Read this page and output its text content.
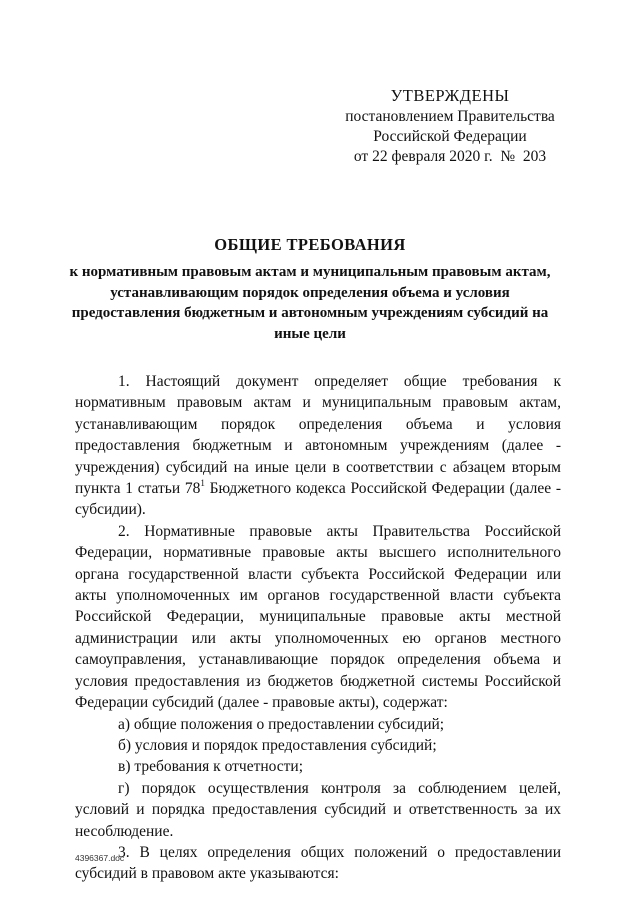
УТВЕРЖДЕНЫ
постановлением Правительства
Российской Федерации
от 22 февраля 2020 г.  №  203
ОБЩИЕ ТРЕБОВАНИЯ
к нормативным правовым актам и муниципальным правовым актам, устанавливающим порядок определения объема и условия предоставления бюджетным и автономным учреждениям субсидий на иные цели

1. Настоящий документ определяет общие требования к нормативным правовым актам и муниципальным правовым актам, устанавливающим порядок определения объема и условия предоставления бюджетным и автономным учреждениям (далее - учреждения) субсидий на иные цели в соответствии с абзацем вторым пункта 1 статьи $78^1$ Бюджетного кодекса Российской Федерации (далее - субсидии).

2. Нормативные правовые акты Правительства Российской Федерации, нормативные правовые акты высшего исполнительного органа государственной власти субъекта Российской Федерации или акты уполномоченных им органов государственной власти субъекта Российской Федерации, муниципальные правовые акты местной администрации или акты уполномоченных ею органов местного самоуправления, устанавливающие порядок определения объема и условия предоставления из бюджетов бюджетной системы Российской Федерации субсидий (далее - правовые акты), содержат:

а) общие положения о предоставлении субсидий;

б) условия и порядок предоставления субсидий;

в) требования к отчетности;

г) порядок осуществления контроля за соблюдением целей, условий и порядка предоставления субсидий и ответственность за их несоблюдение.

3. В целях определения общих положений о предоставлении субсидий в правовом акте указываются:

4396367.doc
